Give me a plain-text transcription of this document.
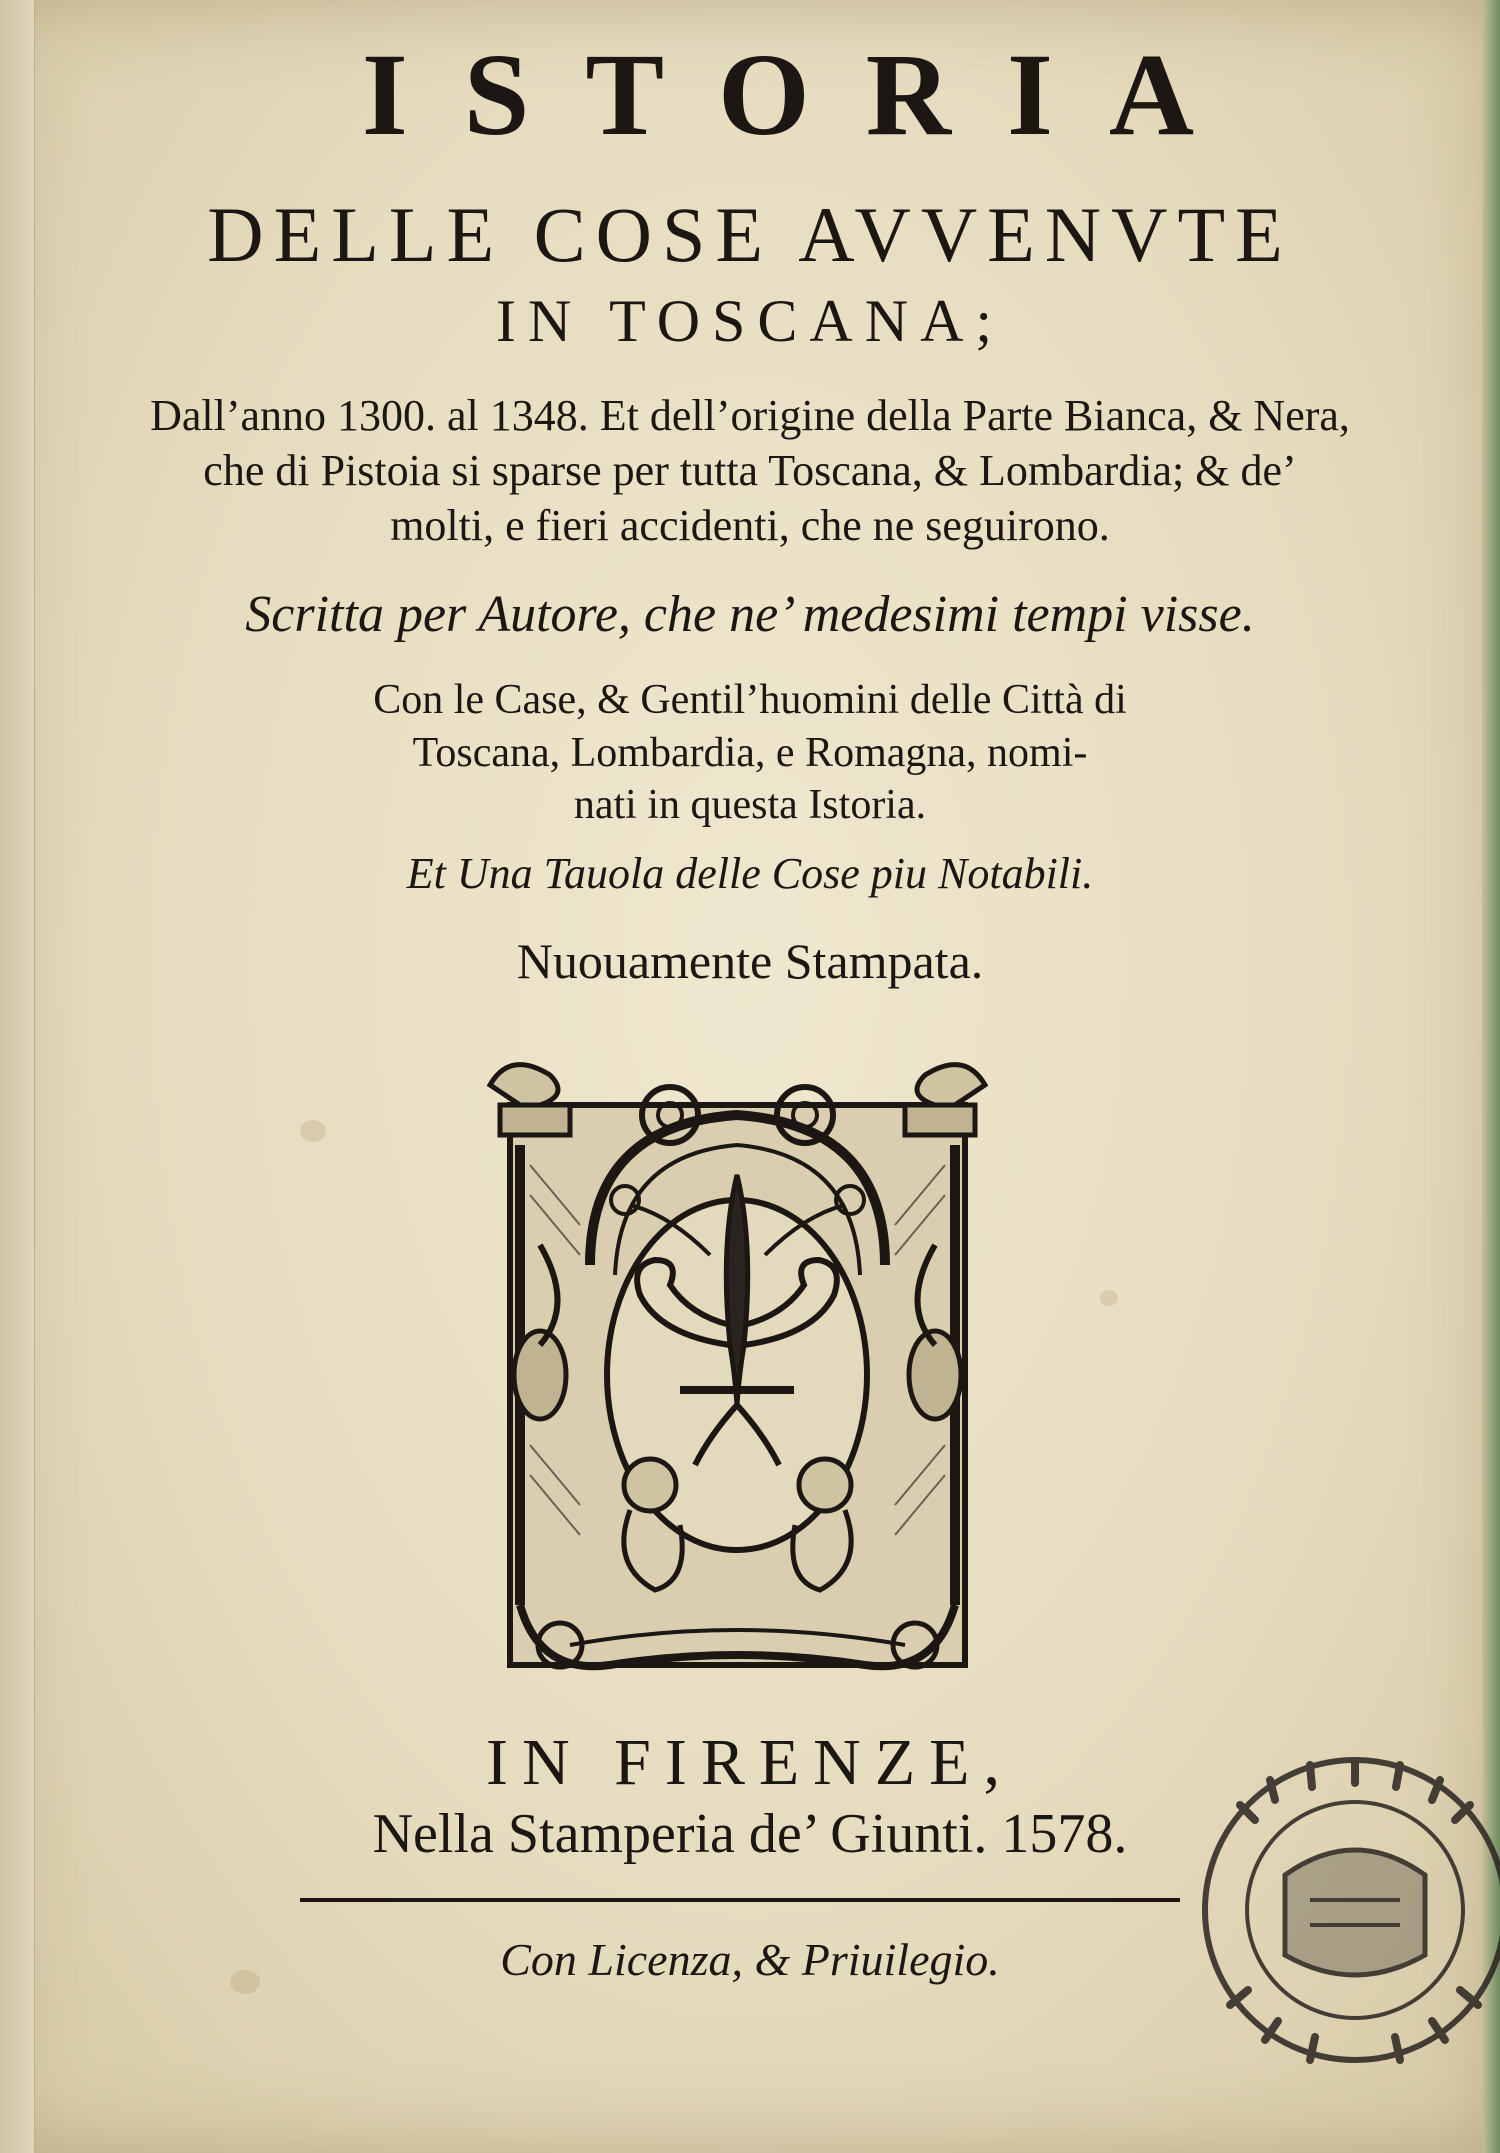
ISTORIA
DELLE COSE AVVENVTE
IN TOSCANA;
Dall’anno 1300. al 1348. Et dell’origine della Parte Bianca, & Nera,
che di Pistoia si sparse per tutta Toscana, & Lombardia; & de’
molti, e fieri accidenti, che ne seguirono.
Scritta per Autore, che ne’ medesimi tempi visse.
Con le Case, & Gentil’huomini delle Città di
Toscana, Lombardia, e Romagna, nomi-
nati in questa Istoria.
Et Una Tauola delle Cose piu Notabili.
Nuouamente Stampata.
IN FIRENZE,
Nella Stamperia de’ Giunti. 1578.
Con Licenza, & Priuilegio.
